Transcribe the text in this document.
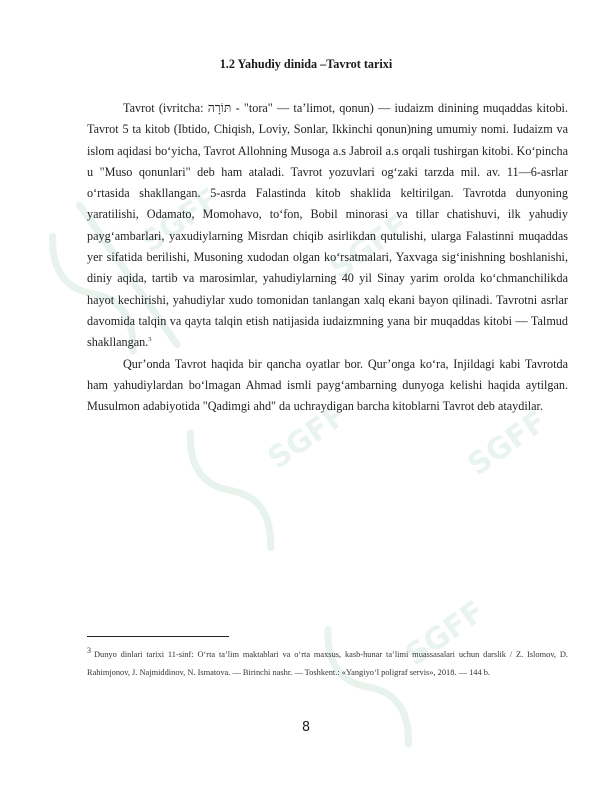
SGFF
SGFF
SGFF
SGFF
SGFF
1.2 Yahudiy dinida –Tavrot tarixi

Tavrot (ivritcha: תּוֹרָה - "tora" — ta’limot, qonun) — iudaizm dinining muqaddas kitobi. Tavrot 5 ta kitob (Ibtido, Chiqish, Loviy, Sonlar, Ikkinchi qonun)ning umumiy nomi. Iudaizm va islom aqidasi bo‘yicha, Tavrot Allohning Musoga a.s Jabroil a.s orqali tushirgan kitobi. Ko‘pincha u "Muso qonunlari" deb ham ataladi. Tavrot yozuvlari og‘zaki tarzda mil. av. 11—6-asrlar o‘rtasida shakllangan. 5-asrda Falastinda kitob shaklida keltirilgan. Tavrotda dunyoning yaratilishi, Odamato, Momohavo, to‘fon, Bobil minorasi va tillar chatishuvi, ilk yahudiy payg‘ambarlari, yaxudiylarning Misrdan chiqib asirlikdan qutulishi, ularga Falastinni muqaddas yer sifatida berilishi, Musoning xudodan olgan ko‘rsatmalari, Yaxvaga sig‘inishning boshlanishi, diniy aqida, tartib va marosimlar, yahudiylarning 40 yil Sinay yarim orolda ko‘chmanchilikda hayot kechirishi, yahudiylar xudo tomonidan tanlangan xalq ekani bayon qilinadi. Tavrotni asrlar davomida talqin va qayta talqin etish natijasida iudaizmning yana bir muqaddas kitobi — Talmud shakllangan.$^3$

Qur’onda Tavrot haqida bir qancha oyatlar bor. Qur’onga ko‘ra, Injildagi kabi Tavrotda ham yahudiylardan bo‘lmagan Ahmad ismli payg‘ambarning dunyoga kelishi haqida aytilgan. Musulmon adabiyotida "Qadimgi ahd" da uchraydigan barcha kitoblarni Tavrot deb ataydilar.

$^3$ Dunyo dinlari tarixi 11-sinf: O‘rta ta’lim maktablari va o‘rta maxsus, kasb-hunar ta’limi muassasalari uchun darslik / Z. Islomov, D. Rahimjonov, J. Najmiddinov, N. Ismatova. — Birinchi nashr. — Toshkent.: «Yangiyo‘l poligraf servis», 2018. — 144 b.

8
